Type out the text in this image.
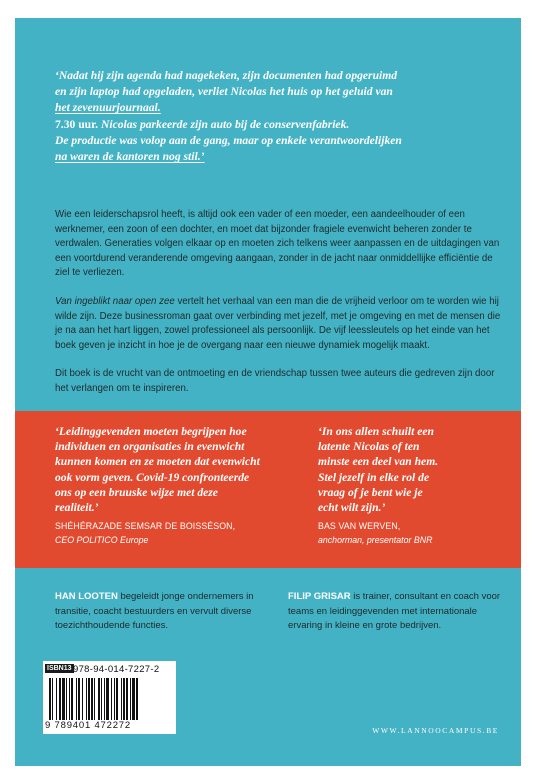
‘Nadat hij zijn agenda had nagekeken, zijn documenten had opgeruimd
en zijn laptop had opgeladen, verliet Nicolas het huis op het geluid van
het zevenuurjournaal.
7.30 uur. Nicolas parkeerde zijn auto bij de conservenfabriek.
De productie was volop aan de gang, maar op enkele verantwoordelijken
na waren de kantoren nog stil.’
Wie een leiderschapsrol heeft, is altijd ook een vader of een moeder, een aandeelhouder of een
werknemer, een zoon of een dochter, en moet dat bijzonder fragiele evenwicht beheren zonder te
verdwalen. Generaties volgen elkaar op en moeten zich telkens weer aanpassen en de uitdagingen van
een voortdurend veranderende omgeving aangaan, zonder in de jacht naar onmiddellijke efficiëntie de
ziel te verliezen.
Van ingeblikt naar open zee vertelt het verhaal van een man die de vrijheid verloor om te worden wie hij
wilde zijn. Deze businessroman gaat over verbinding met jezelf, met je omgeving en met de mensen die
je na aan het hart liggen, zowel professioneel als persoonlijk. De vijf leessleutels op het einde van het
boek geven je inzicht in hoe je de overgang naar een nieuwe dynamiek mogelijk maakt.
Dit boek is de vrucht van de ontmoeting en de vriendschap tussen twee auteurs die gedreven zijn door
het verlangen om te inspireren.
‘Leidinggevenden moeten begrijpen hoe
individuen en organisaties in evenwicht
kunnen komen en ze moeten dat evenwicht
ook vorm geven. Covid-19 confronteerde
ons op een bruuske wijze met deze
realiteit.’
SHÉHÉRAZADE SEMSAR DE BOISSÉSON,
CEO POLITICO Europe
‘In ons allen schuilt een
latente Nicolas of ten
minste een deel van hem.
Stel jezelf in elke rol de
vraag of je bent wie je
echt wilt zijn.’
BAS VAN WERVEN,
anchorman, presentator BNR
HAN LOOTEN begeleidt jonge ondernemers in
transitie, coacht bestuurders en vervult diverse
toezichthoudende functies.
FILIP GRISAR is trainer, consultant en coach voor
teams en leidinggevenden met internationale
ervaring in kleine en grote bedrijven.
ISBN13 978-94-014-7227-2
9 789401 472272	WWW.LANNOOCAMPUS.BE
